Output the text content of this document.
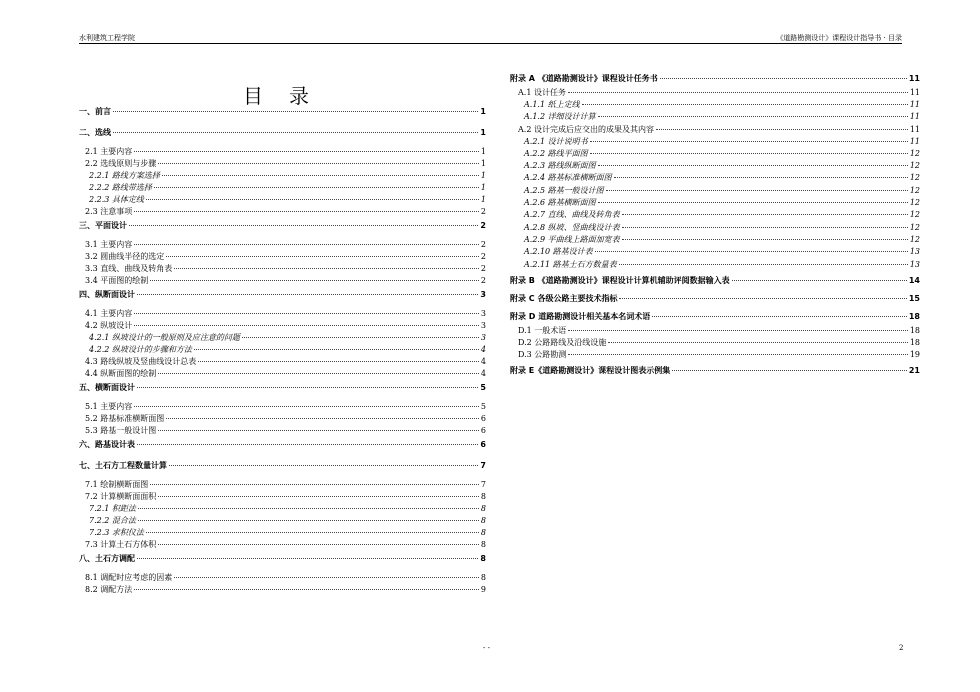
水利建筑工程学院	《道路勘测设计》课程设计指导书 · 目录
目录
一、前言	1
二、选线	1
2.1 主要内容	1
2.2 选线原则与步骤	1
2.2.1 路线方案选择	1
2.2.2 路线带选择	1
2.2.3 具体定线	1
2.3 注意事项	2
三、平面设计	2
3.1 主要内容	2
3.2 圆曲线半径的选定	2
3.3 直线、曲线及转角表	2
3.4 平面图的绘制	2
四、纵断面设计	3
4.1 主要内容	3
4.2 纵坡设计	3
4.2.1 纵坡设计的一般原则及应注意的问题	3
4.2.2 纵坡设计的步骤和方法	4
4.3 路线纵坡及竖曲线设计总表	4
4.4 纵断面图的绘制	4
五、横断面设计	5
5.1 主要内容	5
5.2 路基标准横断面图	6
5.3 路基一般设计图	6
六、路基设计表	6
七、土石方工程数量计算	7
7.1 绘制横断面图	7
7.2 计算横断面面积	8
7.2.1 积距法	8
7.2.2 混合法	8
7.2.3 求积仪法	8
7.3 计算土石方体积	8
八、土石方调配	8
8.1 调配时应考虑的因素	8
8.2 调配方法	9
附录 A 《道路勘测设计》课程设计任务书	11
A.1 设计任务	11
A.1.1 纸上定线	11
A.1.2 详细设计计算	11
A.2 设计完成后应交出的成果及其内容	11
A.2.1 设计说明书	11
A.2.2 路线平面图	12
A.2.3 路线纵断面图	12
A.2.4 路基标准横断面图	12
A.2.5 路基一般设计图	12
A.2.6 路基横断面图	12
A.2.7 直线、曲线及转角表	12
A.2.8 纵坡、竖曲线设计表	12
A.2.9 平曲线上路面加宽表	12
A.2.10 路基设计表	13
A.2.11 路基土石方数量表	13
附录 B 《道路勘测设计》课程设计计算机辅助评阅数据输入表	14
附录 C 各级公路主要技术指标	15
附录 D 道路勘测设计相关基本名词术语	18
D.1 一般术语	18
D.2 公路路线及沿线设施	18
D.3 公路勘测	19
附录 E《道路勘测设计》课程设计图表示例集	21
- -	2
